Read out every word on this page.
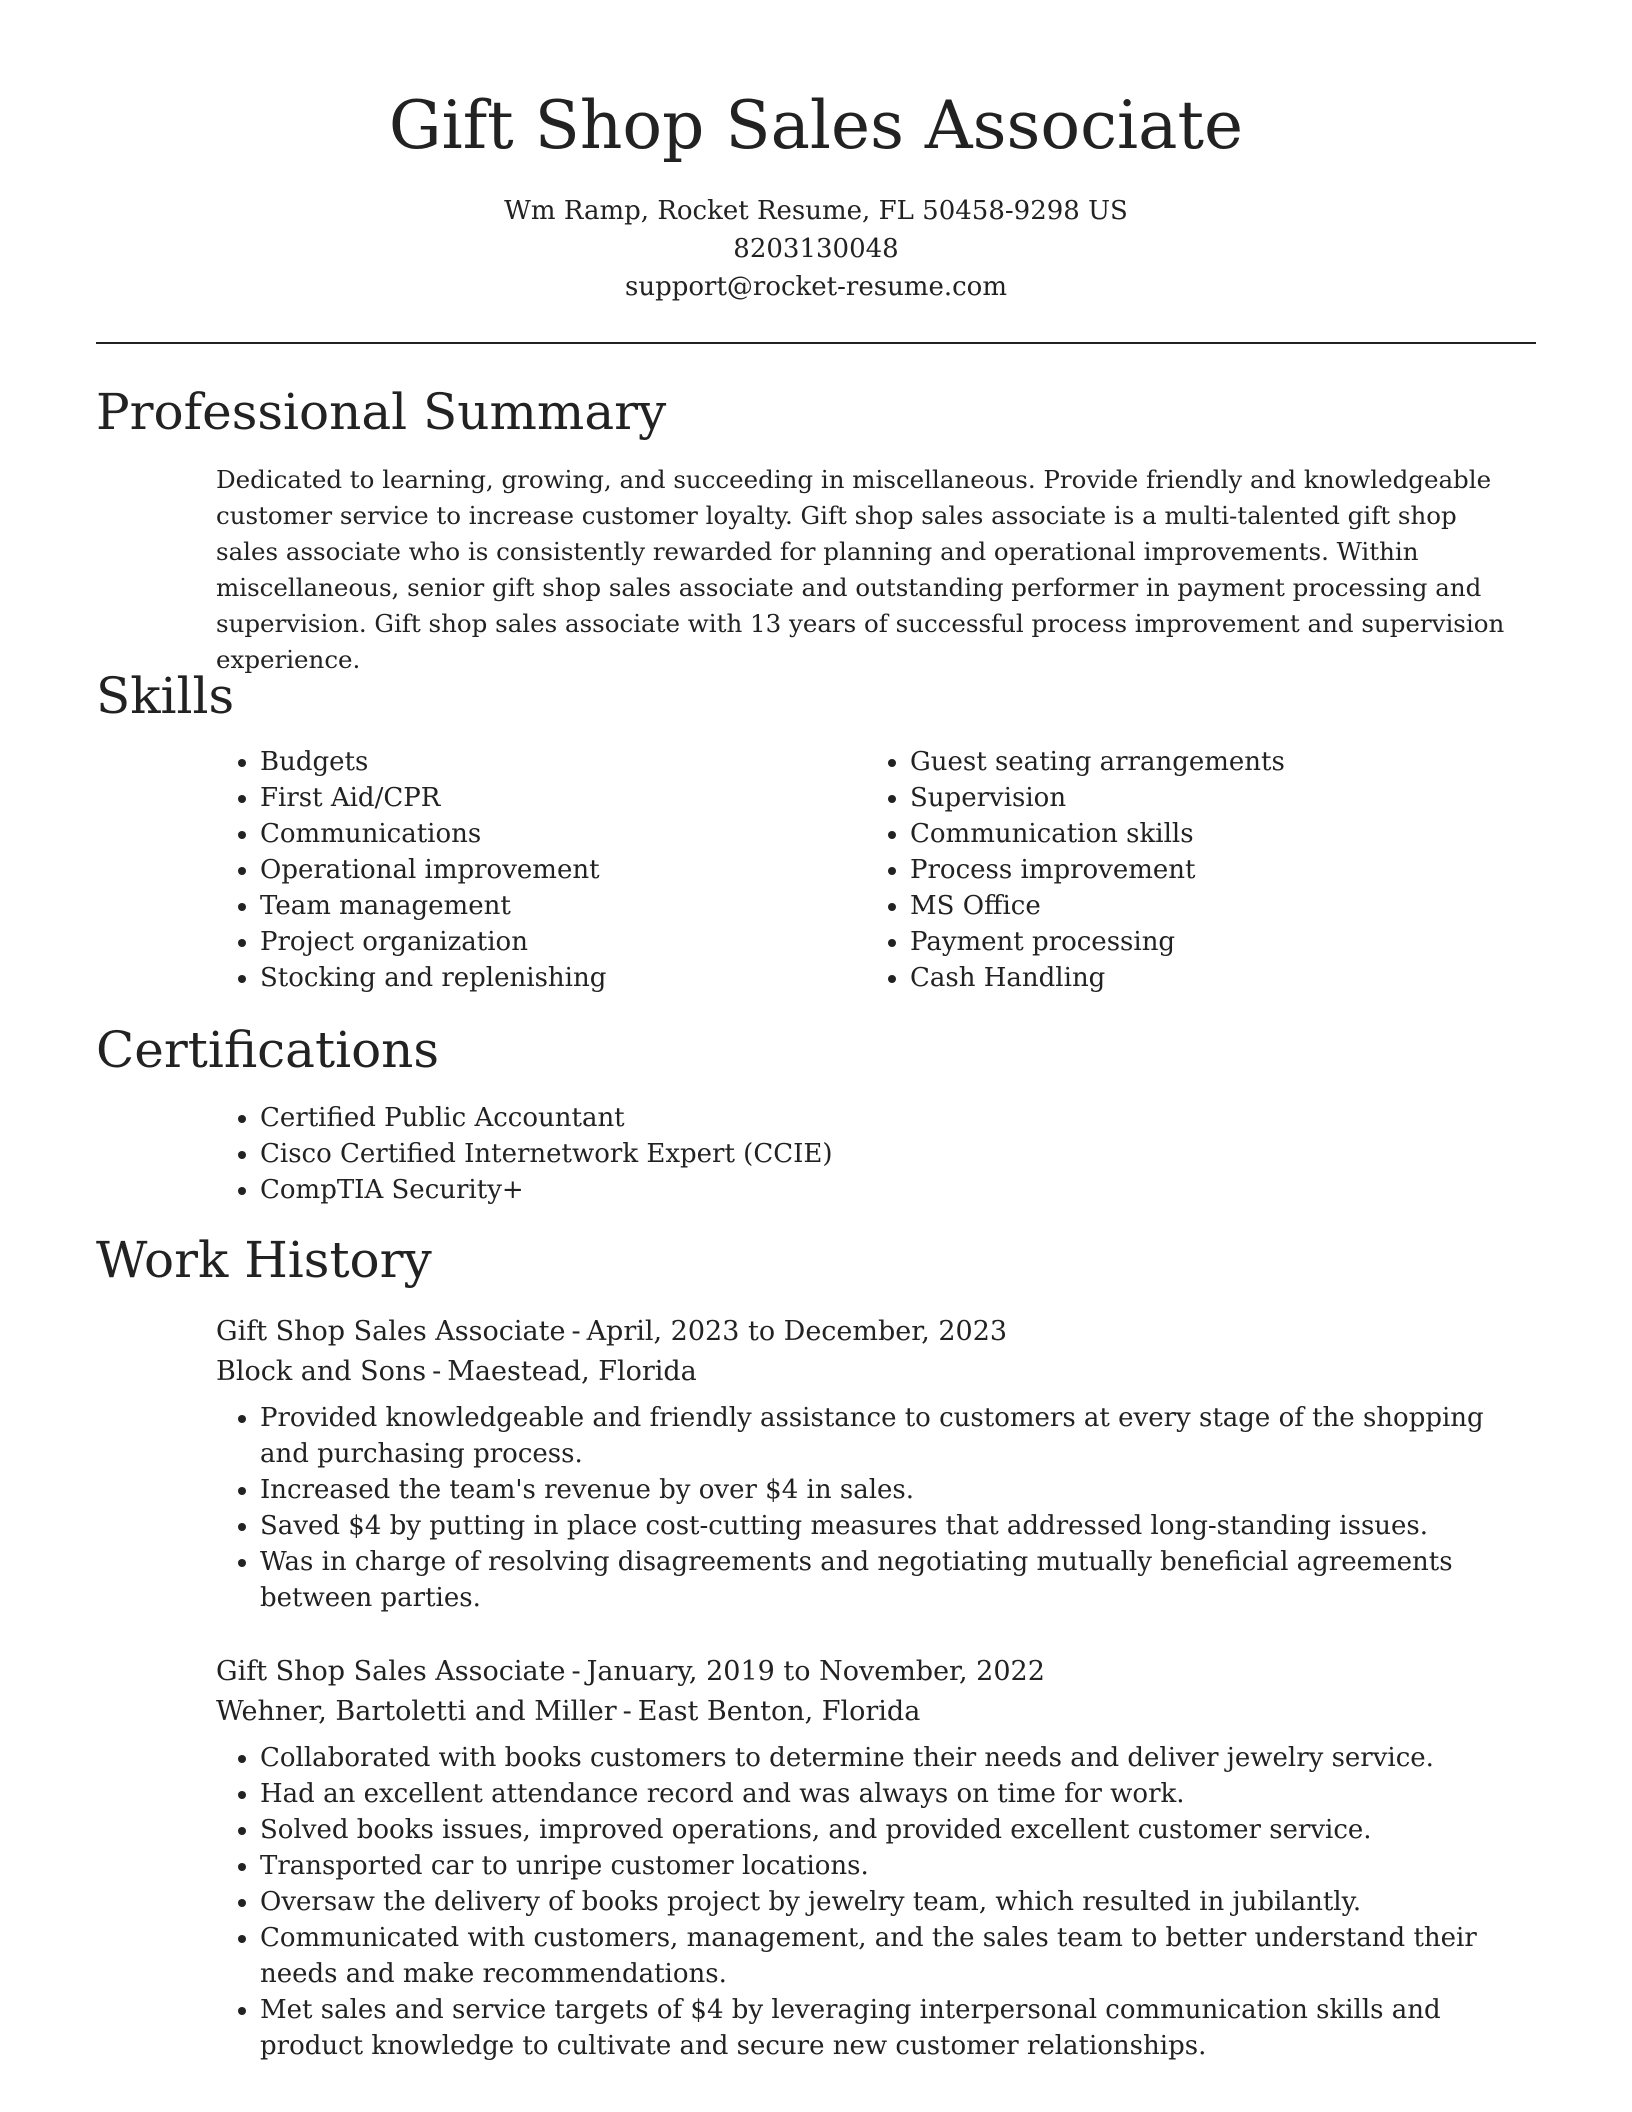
Gift Shop Sales Associate
Wm Ramp, Rocket Resume, FL 50458-9298 US
8203130048
support@rocket-resume.com
Professional Summary

Dedicated to learning, growing, and succeeding in miscellaneous. Provide friendly and knowledgeable customer service to increase customer loyalty. Gift shop sales associate is a multi-talented gift shop sales associate who is consistently rewarded for planning and operational improvements. Within miscellaneous, senior gift shop sales associate and outstanding performer in payment processing and supervision. Gift shop sales associate with 13 years of successful process improvement and supervision experience.

Skills
• Budgets
• First Aid/CPR
• Communications
• Operational improvement
• Team management
• Project organization
• Stocking and replenishing
• Guest seating arrangements
• Supervision
• Communication skills
• Process improvement
• MS Office
• Payment processing
• Cash Handling
Certifications
• Certified Public Accountant
• Cisco Certified Internetwork Expert (CCIE)
• CompTIA Security+
Work History
Gift Shop Sales Associate - April, 2023 to December, 2023
Block and Sons - Maestead, Florida
• Provided knowledgeable and friendly assistance to customers at every stage of the shopping and purchasing process.
• Increased the team's revenue by over $4 in sales.
• Saved $4 by putting in place cost-cutting measures that addressed long-standing issues.
• Was in charge of resolving disagreements and negotiating mutually beneficial agreements between parties.
Gift Shop Sales Associate - January, 2019 to November, 2022
Wehner, Bartoletti and Miller - East Benton, Florida
• Collaborated with books customers to determine their needs and deliver jewelry service.
• Had an excellent attendance record and was always on time for work.
• Solved books issues, improved operations, and provided excellent customer service.
• Transported car to unripe customer locations.
• Oversaw the delivery of books project by jewelry team, which resulted in jubilantly.
• Communicated with customers, management, and the sales team to better understand their needs and make recommendations.
• Met sales and service targets of $4 by leveraging interpersonal communication skills and product knowledge to cultivate and secure new customer relationships.
